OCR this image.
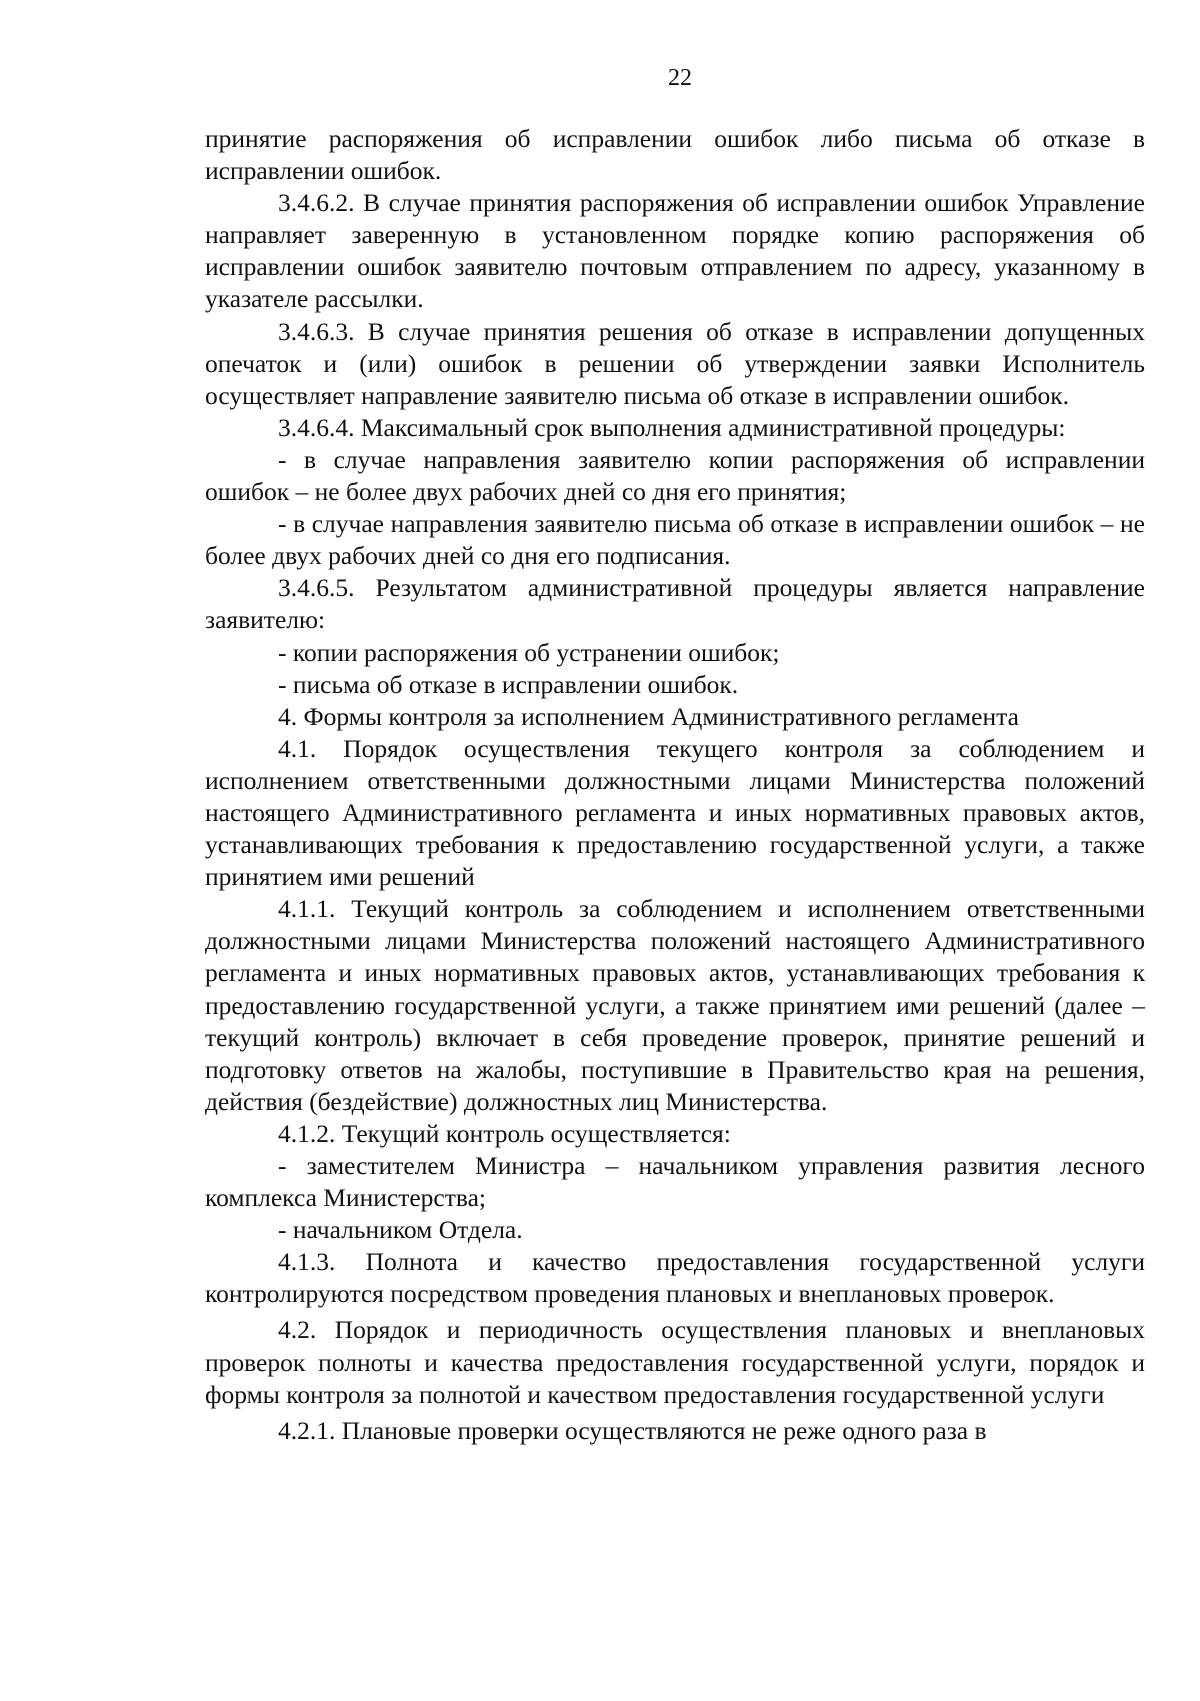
22

принятие распоряжения об исправлении ошибок либо письма об отказе в исправлении ошибок.

3.4.6.2. В случае принятия распоряжения об исправлении ошибок Управление направляет заверенную в установленном порядке копию распоряжения об исправлении ошибок заявителю почтовым отправлением по адресу, указанному в указателе рассылки.

3.4.6.3. В случае принятия решения об отказе в исправлении допущенных опечаток и (или) ошибок в решении об утверждении заявки Исполнитель осуществляет направление заявителю письма об отказе в исправлении ошибок.

3.4.6.4. Максимальный срок выполнения административной процедуры:

- в случае направления заявителю копии распоряжения об исправлении ошибок – не более двух рабочих дней со дня его принятия;

- в случае направления заявителю письма об отказе в исправлении ошибок – не более двух рабочих дней со дня его подписания.

3.4.6.5. Результатом административной процедуры является направление заявителю:

- копии распоряжения об устранении ошибок;

- письма об отказе в исправлении ошибок.

4. Формы контроля за исполнением Административного регламента

4.1. Порядок осуществления текущего контроля за соблюдением и исполнением ответственными должностными лицами Министерства положений настоящего Административного регламента и иных нормативных правовых актов, устанавливающих требования к предоставлению государственной услуги, а также принятием ими решений

4.1.1. Текущий контроль за соблюдением и исполнением ответственными должностными лицами Министерства положений настоящего Административного регламента и иных нормативных правовых актов, устанавливающих требования к предоставлению государственной услуги, а также принятием ими решений (далее – текущий контроль) включает в себя проведение проверок, принятие решений и подготовку ответов на жалобы, поступившие в Правительство края на решения, действия (бездействие) должностных лиц Министерства.

4.1.2. Текущий контроль осуществляется:

- заместителем Министра – начальником управления развития лесного комплекса Министерства;

- начальником Отдела.

4.1.3. Полнота и качество предоставления государственной услуги контролируются посредством проведения плановых и внеплановых проверок.

4.2. Порядок и периодичность осуществления плановых и внеплановых проверок полноты и качества предоставления государственной услуги, порядок и формы контроля за полнотой и качеством предоставления государственной услуги

4.2.1. Плановые проверки осуществляются не реже одного раза в
